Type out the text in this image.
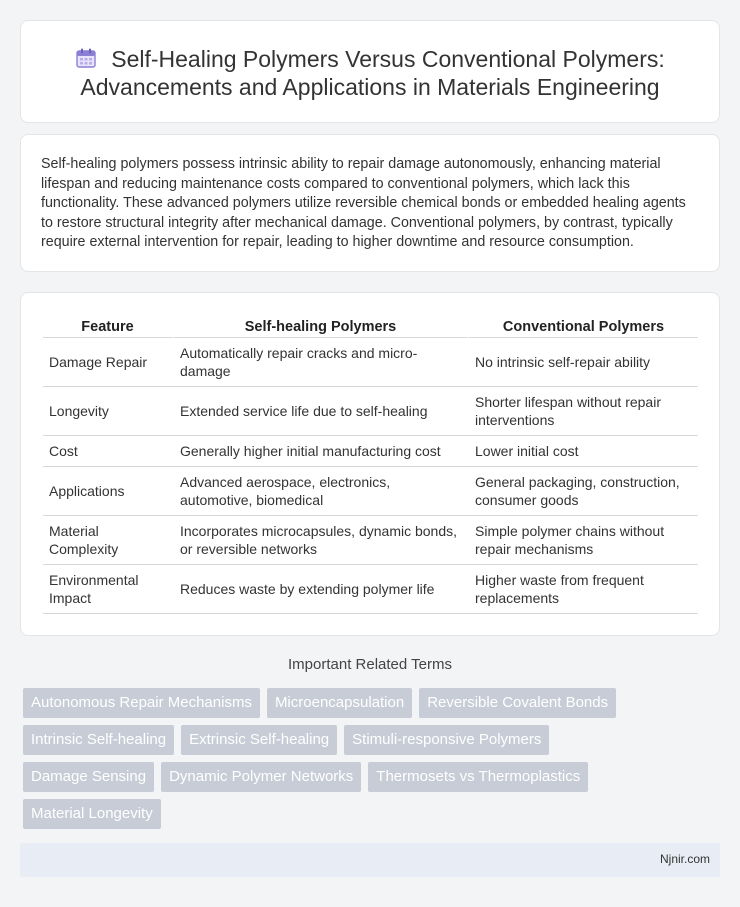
Self-Healing Polymers Versus Conventional Polymers: Advancements and Applications in Materials Engineering

Self-healing polymers possess intrinsic ability to repair damage autonomously, enhancing material lifespan and reducing maintenance costs compared to conventional polymers, which lack this functionality. These advanced polymers utilize reversible chemical bonds or embedded healing agents to restore structural integrity after mechanical damage. Conventional polymers, by contrast, typically require external intervention for repair, leading to higher downtime and resource consumption.

Feature	Self-healing Polymers	Conventional Polymers
Damage Repair	Automatically repair cracks and micro-damage	No intrinsic self-repair ability
Longevity	Extended service life due to self-healing	Shorter lifespan without repair interventions
Cost	Generally higher initial manufacturing cost	Lower initial cost
Applications	Advanced aerospace, electronics, automotive, biomedical	General packaging, construction, consumer goods
Material Complexity	Incorporates microcapsules, dynamic bonds, or reversible networks	Simple polymer chains without repair mechanisms
Environmental Impact	Reduces waste by extending polymer life	Higher waste from frequent replacements
Important Related Terms
Autonomous Repair Mechanisms	Microencapsulation	Reversible Covalent Bonds
Intrinsic Self-healing	Extrinsic Self-healing	Stimuli-responsive Polymers
Damage Sensing	Dynamic Polymer Networks	Thermosets vs Thermoplastics
Material Longevity
Njnir.com
